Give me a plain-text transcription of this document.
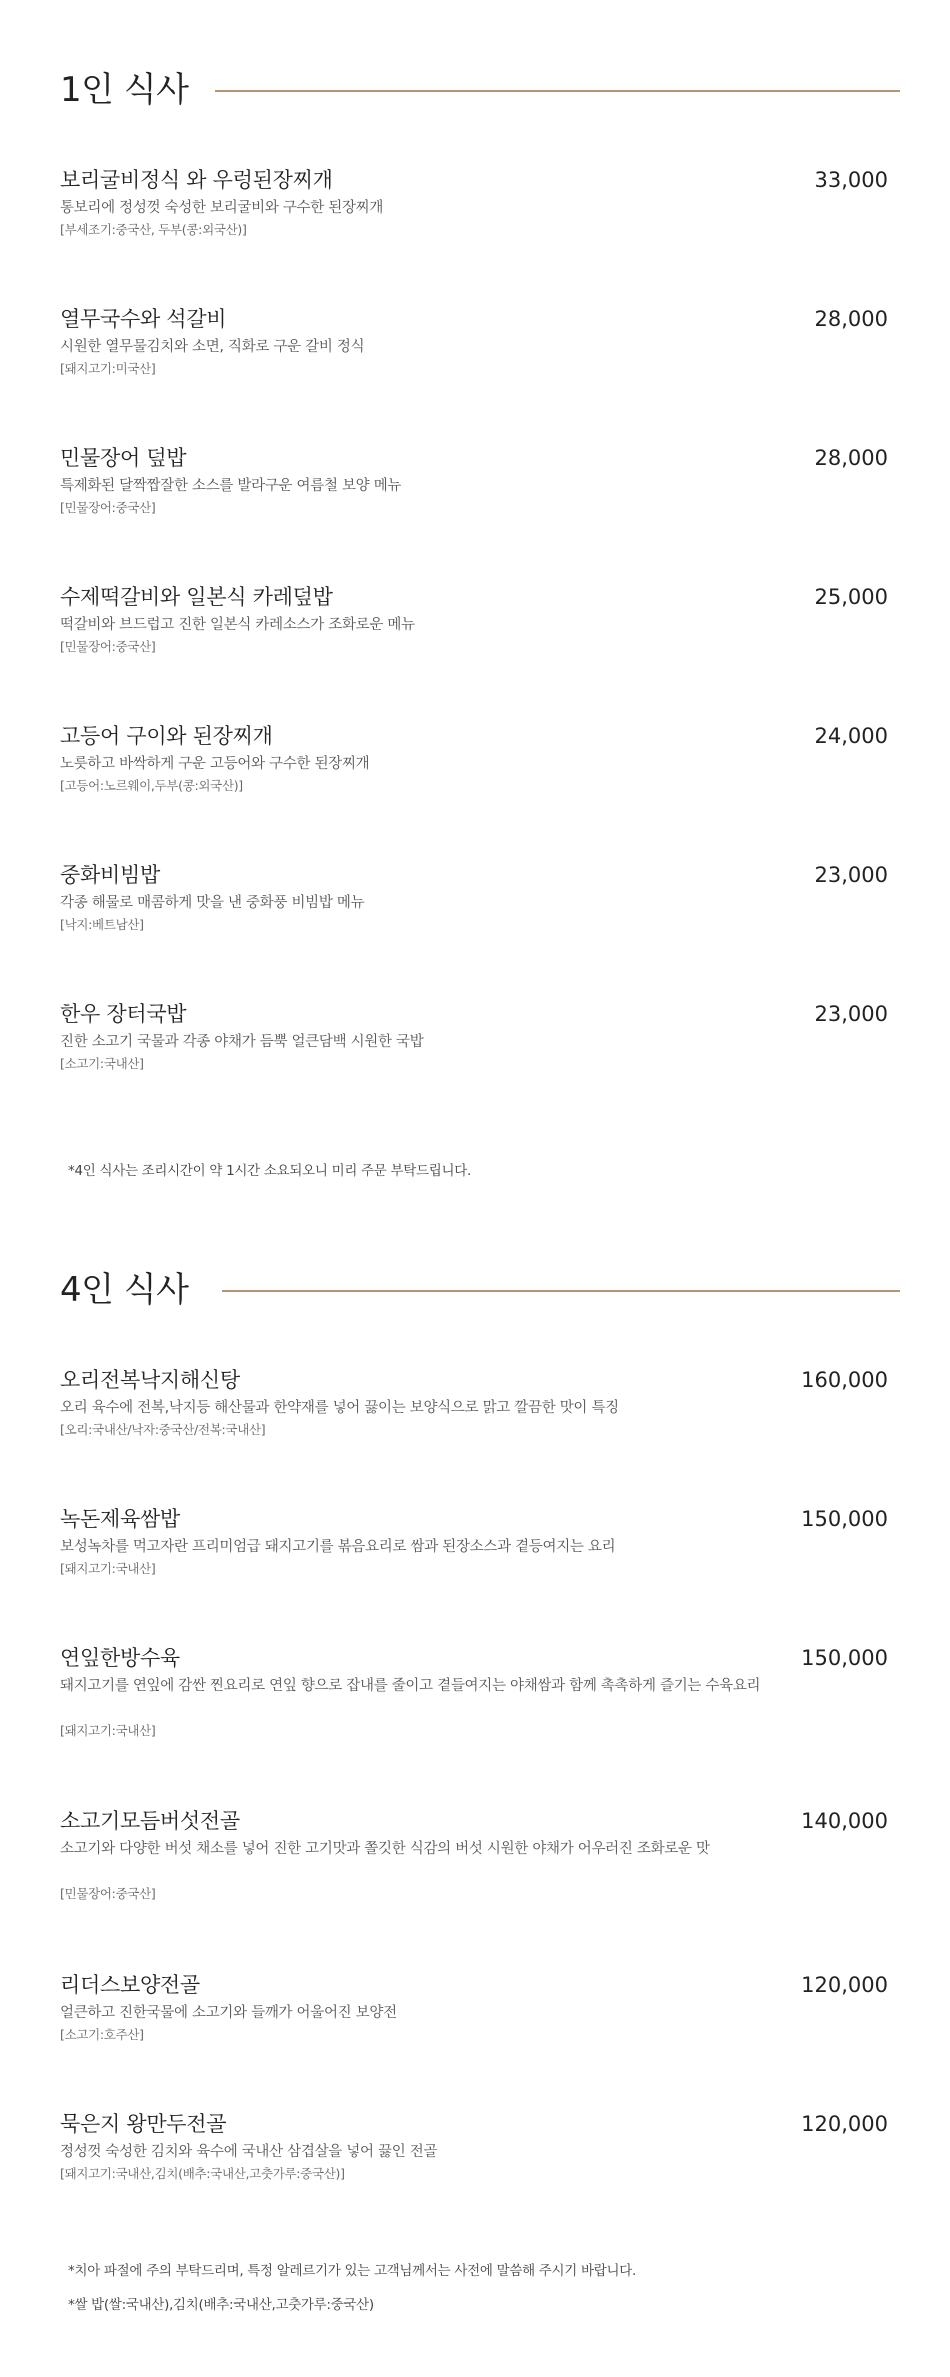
1인 식사
보리굴비정식 와 우렁된장찌개	33,000
통보리에 정성껏 숙성한 보리굴비와 구수한 된장찌개
[부세조기:중국산, 두부(콩:외국산)]
열무국수와 석갈비	28,000
시원한 열무물김치와 소면, 직화로 구운 갈비 정식
[돼지고기:미국산]
민물장어 덮밥	28,000
특제화된 달짝짭잘한 소스를 발라구운 여름철 보양 메뉴
[민물장어:중국산]
수제떡갈비와 일본식 카레덮밥	25,000
떡갈비와 브드럽고 진한 일본식 카레소스가 조화로운 메뉴
[민물장어:중국산]
고등어 구이와 된장찌개	24,000
노릇하고 바싹하게 구운 고등어와 구수한 된장찌개
[고등어:노르웨이,두부(콩:외국산)]
중화비빔밥	23,000
각종 해물로 매콤하게 맛을 낸 중화풍 비빔밥 메뉴
[낙지:베트남산]
한우 장터국밥	23,000
진한 소고기 국물과 각종 야채가 듬뿍 얼큰담백 시원한 국밥
[소고기:국내산]
*4인 식사는 조리시간이 약 1시간 소요되오니 미리 주문 부탁드립니다.
4인 식사
오리전복낙지해신탕	160,000
오리 육수에 전복,낙지등 해산물과 한약재를 넣어 끓이는 보양식으로 맑고 깔끔한 맛이 특징
[오리:국내산/낙자:중국산/전복:국내산]
녹돈제육쌈밥	150,000
보성녹차를 먹고자란 프리미엄급 돼지고기를 볶음요리로 쌈과 된장소스과 곁등여지는 요리
[돼지고기:국내산]
연잎한방수육	150,000
돼지고기를 연잎에 감싼 찐요리로 연잎 향으로 잡내를 줄이고 곁들여지는 야채쌈과 함께 촉촉하게 즐기는 수육요리
[돼지고기:국내산]
소고기모듬버섯전골	140,000
소고기와 다양한 버섯 채소를 넣어 진한 고기맛과 쫄깃한 식감의 버섯 시원한 야채가 어우러진 조화로운 맛
[민물장어:중국산]
리더스보양전골	120,000
얼큰하고 진한국물에 소고기와 들깨가 어울어진 보양전
[소고기:호주산]
묵은지 왕만두전골	120,000
정성껏 숙성한 김치와 육수에 국내산 삼겹살을 넣어 끓인 전골
[돼지고기:국내산,김치(배추:국내산,고춧가루:중국산)]
*치아 파절에 주의 부탁드리며, 특정 알레르기가 있는 고객님께서는 사전에 말씀해 주시기 바랍니다.
*쌀 밥(쌀:국내산),김치(배추:국내산,고춧가루:중국산)
